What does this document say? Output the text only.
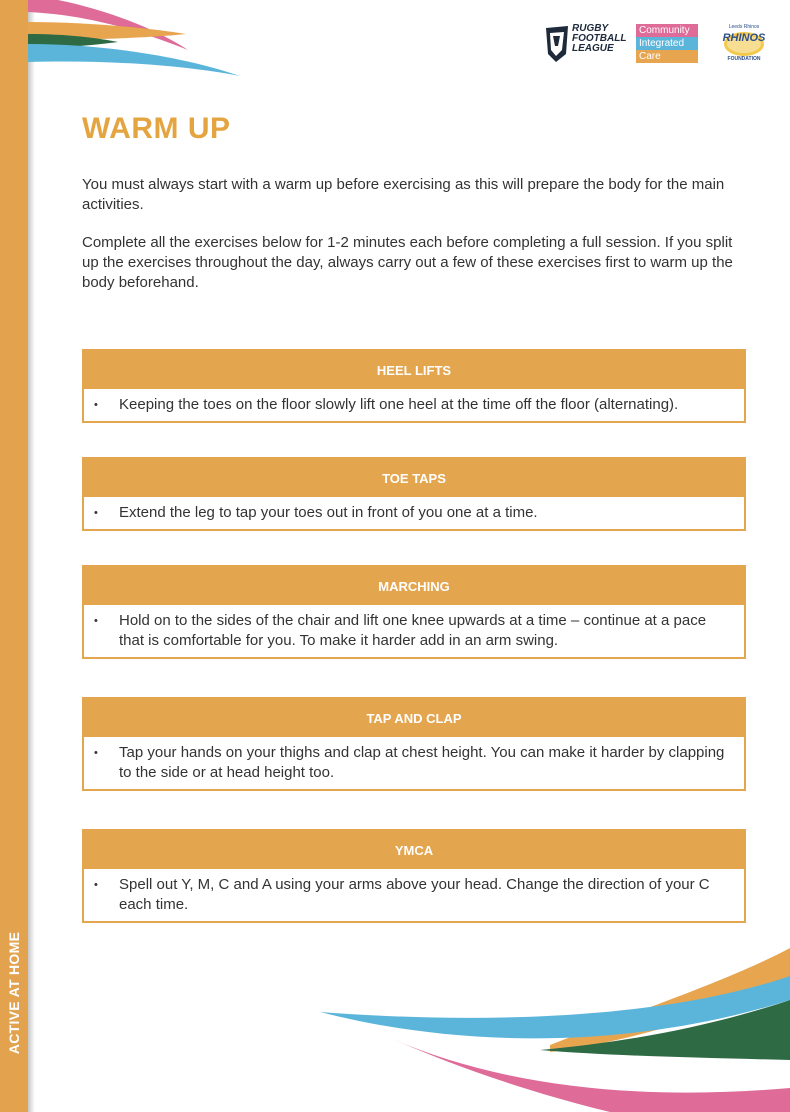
ACTIVE AT HOME
RUGBY
FOOTBALL
LEAGUE
Community
Integrated
Care
Leeds Rhinos
RHINOS
FOUNDATION
WARM UP

You must always start with a warm up before exercising as this will prepare the body for the main activities.

Complete all the exercises below for 1-2 minutes each before completing a full session. If you split up the exercises throughout the day, always carry out a few of these exercises first to warm up the body beforehand.

HEEL LIFTS
•	Keeping the toes on the floor slowly lift one heel at the time off the floor (alternating).
TOE TAPS
•	Extend the leg to tap your toes out in front of you one at a time.
MARCHING
•	Hold on to the sides of the chair and lift one knee upwards at a time – continue at a pace that is comfortable for you. To make it harder add in an arm swing.
TAP AND CLAP
•	Tap your hands on your thighs and clap at chest height. You can make it harder by clapping to the side or at head height too.
YMCA
•	Spell out Y, M, C and A using your arms above your head. Change the direction of your C each time.
